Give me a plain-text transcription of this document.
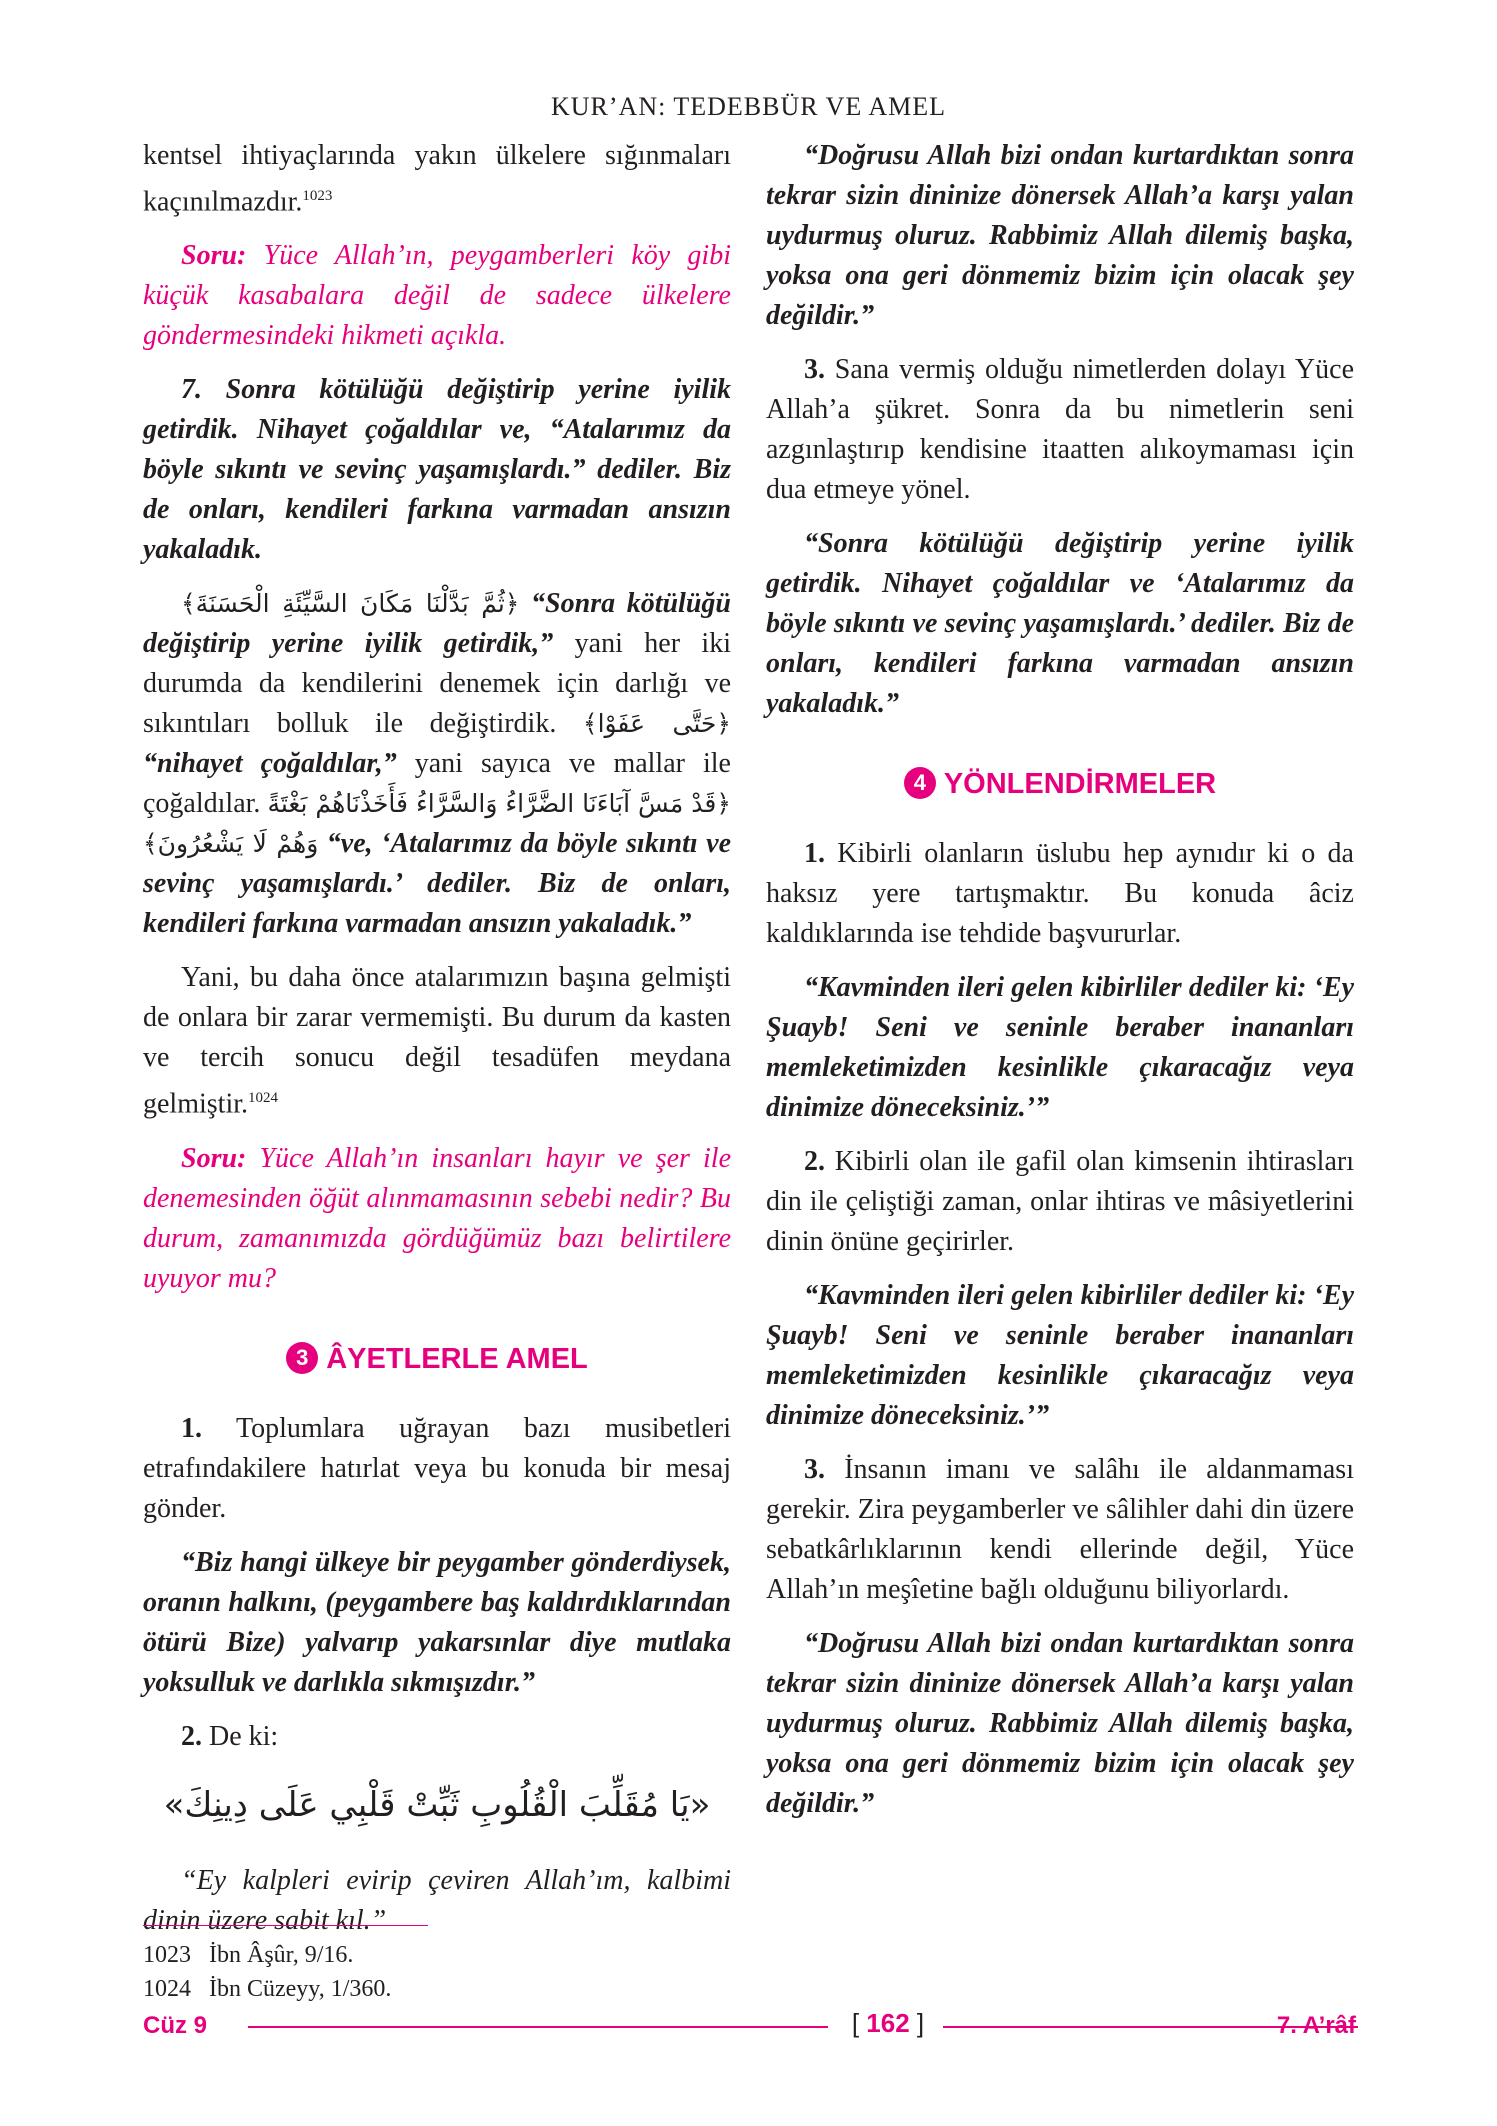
KUR’AN: TEDEBBÜR VE AMEL

kentsel ihtiyaçlarında yakın ülkelere sığınmaları kaçınılmazdır.$^{1023}$

Soru: Yüce Allah’ın, peygamberleri köy gibi küçük kasabalara değil de sadece ülkelere göndermesindeki hikmeti açıkla.

7. Sonra kötülüğü değiştirip yerine iyilik getirdik. Nihayet çoğaldılar ve, “Atalarımız da böyle sıkıntı ve sevinç yaşamışlardı.” dediler. Biz de onları, kendileri farkına varmadan ansızın yakaladık.

﴿ثُمَّ بَدَّلْنَا مَكَانَ السَّيِّئَةِ الْحَسَنَةَ﴾ “Sonra kötülüğü değiştirip yerine iyilik getirdik,” yani her iki durumda da kendilerini denemek için darlığı ve sıkıntıları bolluk ile değiştirdik. ﴿حَتَّى عَفَوْا﴾ “nihayet çoğaldılar,” yani sayıca ve mallar ile çoğaldılar. ﴿قَدْ مَسَّ آبَاءَنَا الضَّرَّاءُ وَالسَّرَّاءُ فَأَخَذْنَاهُمْ بَغْتَةً وَهُمْ لَا يَشْعُرُونَ﴾ “ve, ‘Atalarımız da böyle sıkıntı ve sevinç yaşamışlardı.’ dediler. Biz de onları, kendileri farkına varmadan ansızın yakaladık.”

Yani, bu daha önce atalarımızın başına gelmişti de onlara bir zarar vermemişti. Bu durum da kasten ve tercih sonucu değil tesadüfen meydana gelmiştir.$^{1024}$

Soru: Yüce Allah’ın insanları hayır ve şer ile denemesinden öğüt alınmamasının sebebi nedir? Bu durum, zamanımızda gördüğümüz bazı belirtilere uyuyor mu?

3 ÂYETLERLE AMEL

1. Toplumlara uğrayan bazı musibetleri etrafındakilere hatırlat veya bu konuda bir mesaj gönder.

“Biz hangi ülkeye bir peygamber gönderdiysek, oranın halkını, (peygambere baş kaldırdıklarından ötürü Bize) yalvarıp yakarsınlar diye mutlaka yoksulluk ve darlıkla sıkmışızdır.”

2. De ki:

«يَا مُقَلِّبَ الْقُلُوبِ ثَبِّتْ قَلْبِي عَلَى دِينِكَ»

“Ey kalpleri evirip çeviren Allah’ım, kalbimi dinin üzere sabit kıl.”

“Doğrusu Allah bizi ondan kurtardıktan sonra tekrar sizin dininize dönersek Allah’a karşı yalan uydurmuş oluruz. Rabbimiz Allah dilemiş başka, yoksa ona geri dönmemiz bizim için olacak şey değildir.”

3. Sana vermiş olduğu nimetlerden dolayı Yüce Allah’a şükret. Sonra da bu nimetlerin seni azgınlaştırıp kendisine itaatten alıkoymaması için dua etmeye yönel.

“Sonra kötülüğü değiştirip yerine iyilik getirdik. Nihayet çoğaldılar ve ‘Atalarımız da böyle sıkıntı ve sevinç yaşamışlardı.’ dediler. Biz de onları, kendileri farkına varmadan ansızın yakaladık.”

4 YÖNLENDİRMELER

1. Kibirli olanların üslubu hep aynıdır ki o da haksız yere tartışmaktır. Bu konuda âciz kaldıklarında ise tehdide başvururlar.

“Kavminden ileri gelen kibirliler dediler ki: ‘Ey Şuayb! Seni ve seninle beraber inananları memleketimizden kesinlikle çıkaracağız veya dinimize döneceksiniz.’”

2. Kibirli olan ile gafil olan kimsenin ihtirasları din ile çeliştiği zaman, onlar ihtiras ve mâsiyetlerini dinin önüne geçirirler.

“Kavminden ileri gelen kibirliler dediler ki: ‘Ey Şuayb! Seni ve seninle beraber inananları memleketimizden kesinlikle çıkaracağız veya dinimize döneceksiniz.’”

3. İnsanın imanı ve salâhı ile aldanmaması gerekir. Zira peygamberler ve sâlihler dahi din üzere sebatkârlıklarının kendi ellerinde değil, Yüce Allah’ın meşîetine bağlı olduğunu biliyorlardı.

“Doğrusu Allah bizi ondan kurtardıktan sonra tekrar sizin dininize dönersek Allah’a karşı yalan uydurmuş oluruz. Rabbimiz Allah dilemiş başka, yoksa ona geri dönmemiz bizim için olacak şey değildir.”

1023 İbn Âşûr, 9/16.
1024 İbn Cüzeyy, 1/360.
Cüz 9	[ 162 ]	7. A’râf
